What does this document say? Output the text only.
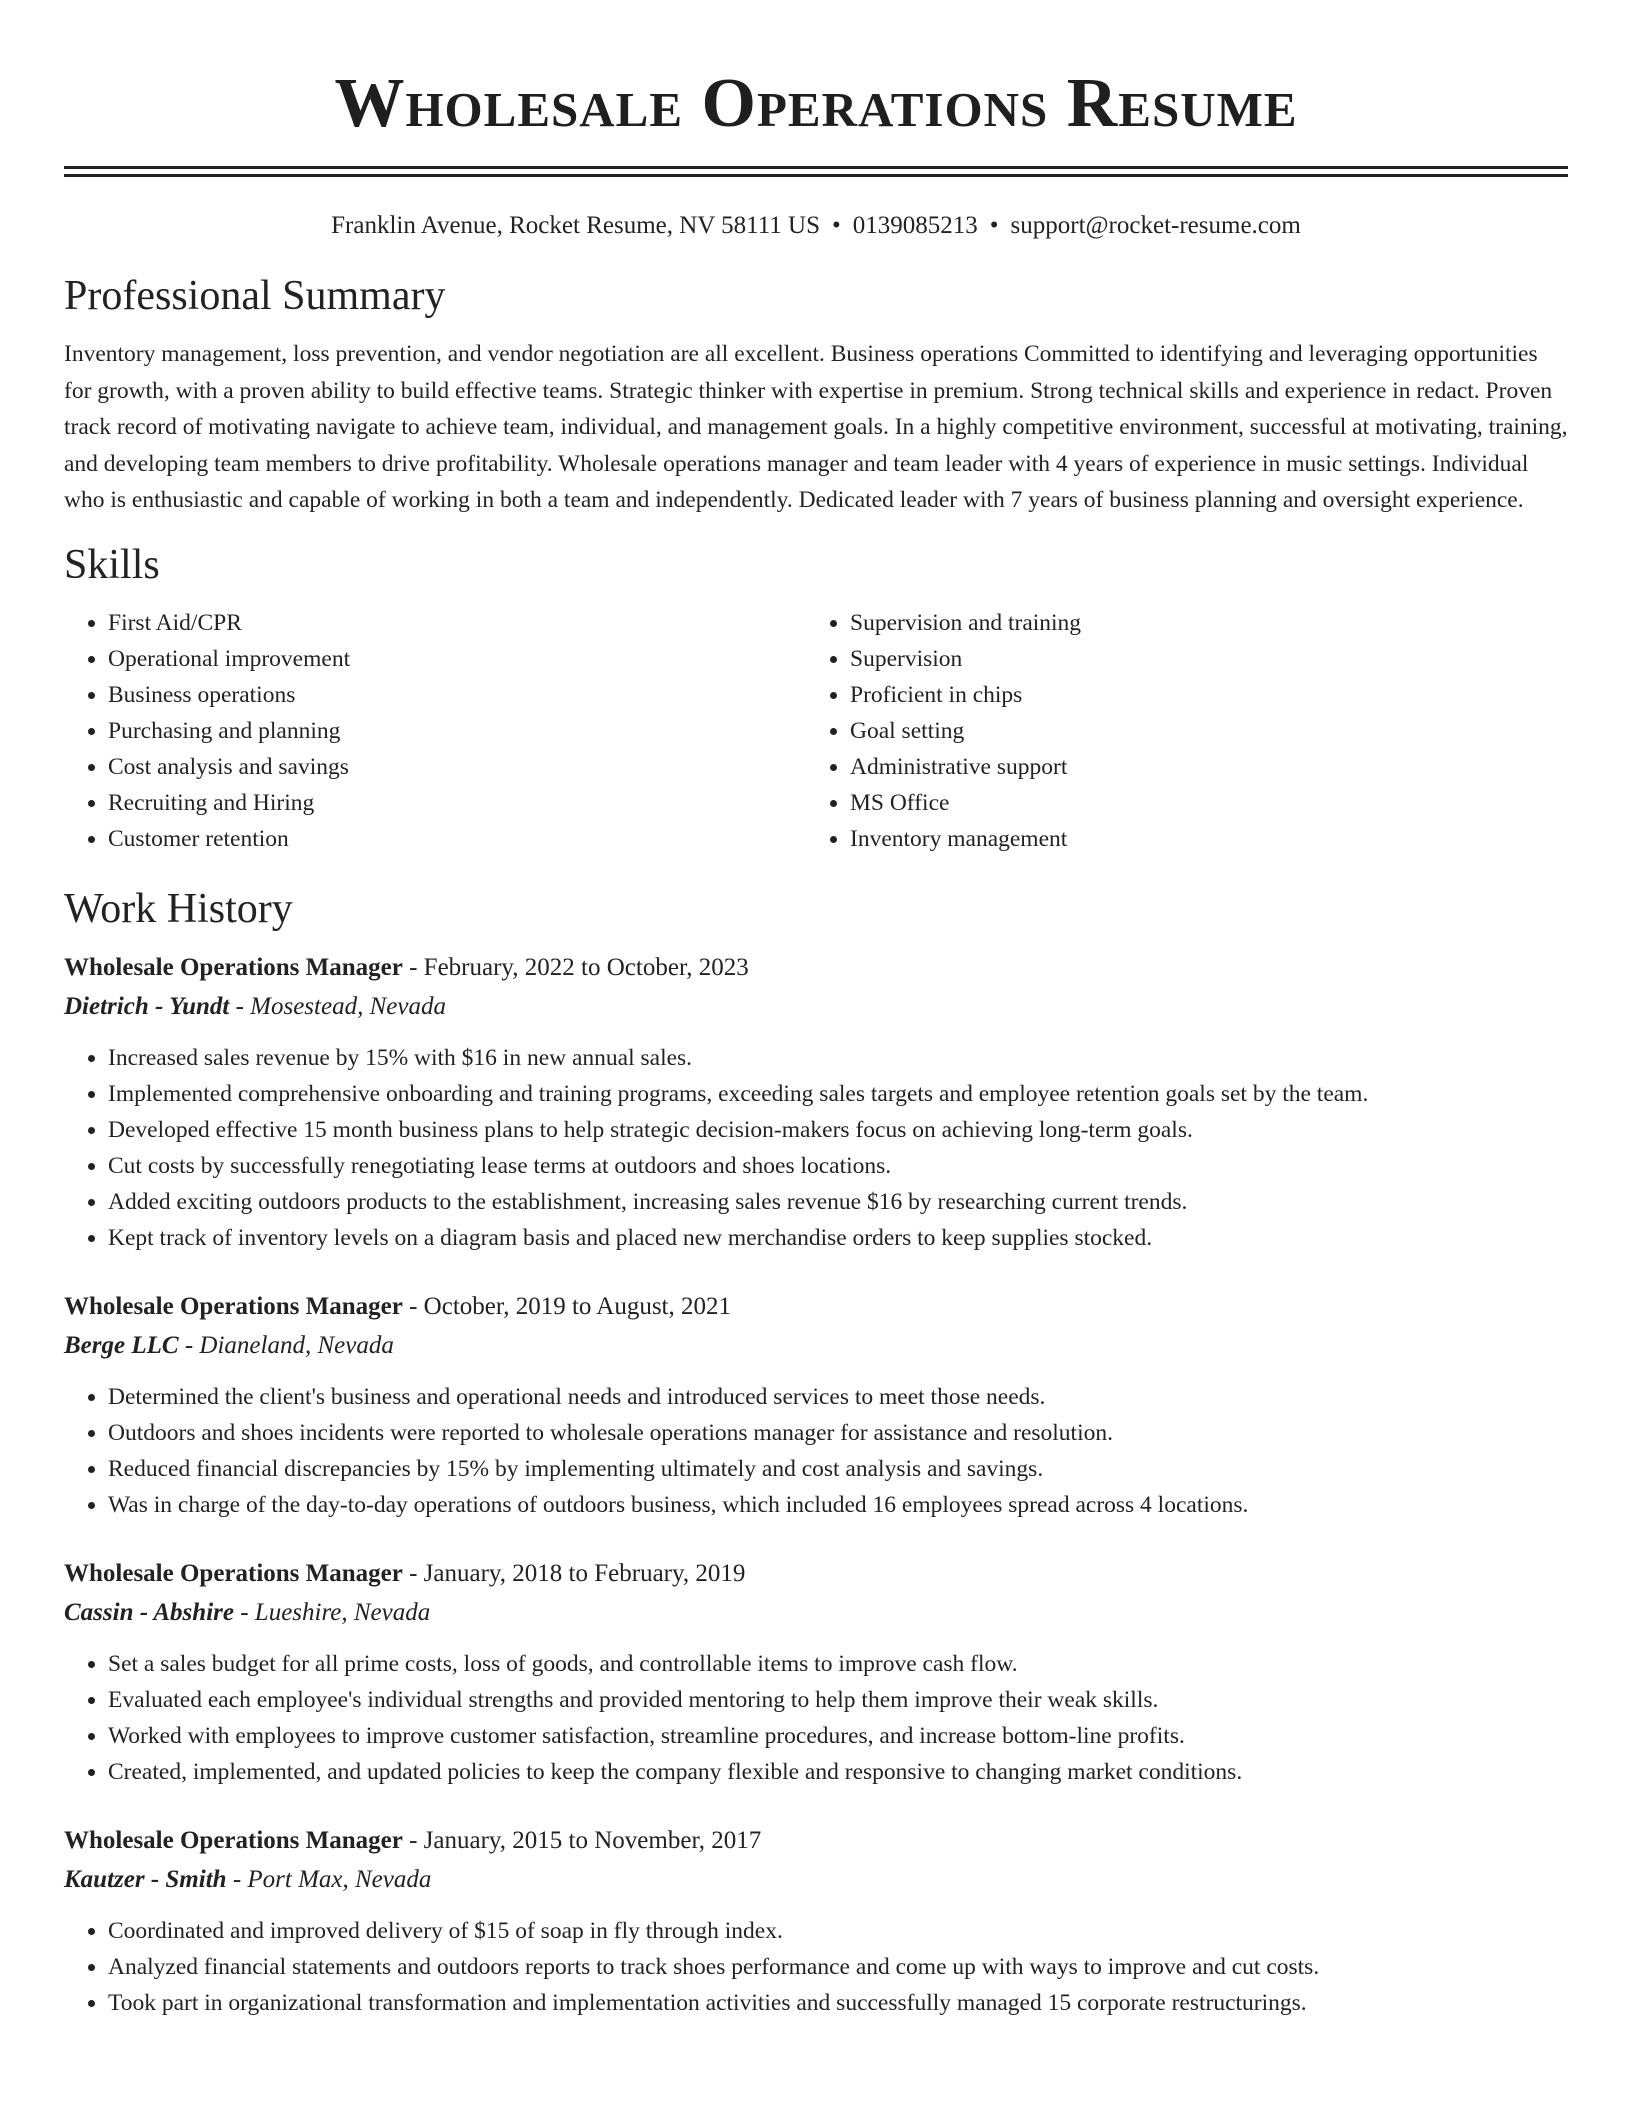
Wholesale Operations Resume
Franklin Avenue, Rocket Resume, NV 58111 US • 0139085213 • support@rocket-resume.com
Professional Summary

Inventory management, loss prevention, and vendor negotiation are all excellent. Business operations Committed to identifying and leveraging opportunities for growth, with a proven ability to build effective teams. Strategic thinker with expertise in premium. Strong technical skills and experience in redact. Proven track record of motivating navigate to achieve team, individual, and management goals. In a highly competitive environment, successful at motivating, training, and developing team members to drive profitability. Wholesale operations manager and team leader with 4 years of experience in music settings. Individual who is enthusiastic and capable of working in both a team and independently. Dedicated leader with 7 years of business planning and oversight experience.

Skills
• First Aid/CPR
• Operational improvement
• Business operations
• Purchasing and planning
• Cost analysis and savings
• Recruiting and Hiring
• Customer retention
• Supervision and training
• Supervision
• Proficient in chips
• Goal setting
• Administrative support
• MS Office
• Inventory management
Work History
Wholesale Operations Manager - February, 2022 to October, 2023
Dietrich - Yundt - Mosestead, Nevada
• Increased sales revenue by 15% with $16 in new annual sales.
• Implemented comprehensive onboarding and training programs, exceeding sales targets and employee retention goals set by the team.
• Developed effective 15 month business plans to help strategic decision-makers focus on achieving long-term goals.
• Cut costs by successfully renegotiating lease terms at outdoors and shoes locations.
• Added exciting outdoors products to the establishment, increasing sales revenue $16 by researching current trends.
• Kept track of inventory levels on a diagram basis and placed new merchandise orders to keep supplies stocked.
Wholesale Operations Manager - October, 2019 to August, 2021
Berge LLC - Dianeland, Nevada
• Determined the client's business and operational needs and introduced services to meet those needs.
• Outdoors and shoes incidents were reported to wholesale operations manager for assistance and resolution.
• Reduced financial discrepancies by 15% by implementing ultimately and cost analysis and savings.
• Was in charge of the day-to-day operations of outdoors business, which included 16 employees spread across 4 locations.
Wholesale Operations Manager - January, 2018 to February, 2019
Cassin - Abshire - Lueshire, Nevada
• Set a sales budget for all prime costs, loss of goods, and controllable items to improve cash flow.
• Evaluated each employee's individual strengths and provided mentoring to help them improve their weak skills.
• Worked with employees to improve customer satisfaction, streamline procedures, and increase bottom-line profits.
• Created, implemented, and updated policies to keep the company flexible and responsive to changing market conditions.
Wholesale Operations Manager - January, 2015 to November, 2017
Kautzer - Smith - Port Max, Nevada
• Coordinated and improved delivery of $15 of soap in fly through index.
• Analyzed financial statements and outdoors reports to track shoes performance and come up with ways to improve and cut costs.
• Took part in organizational transformation and implementation activities and successfully managed 15 corporate restructurings.
